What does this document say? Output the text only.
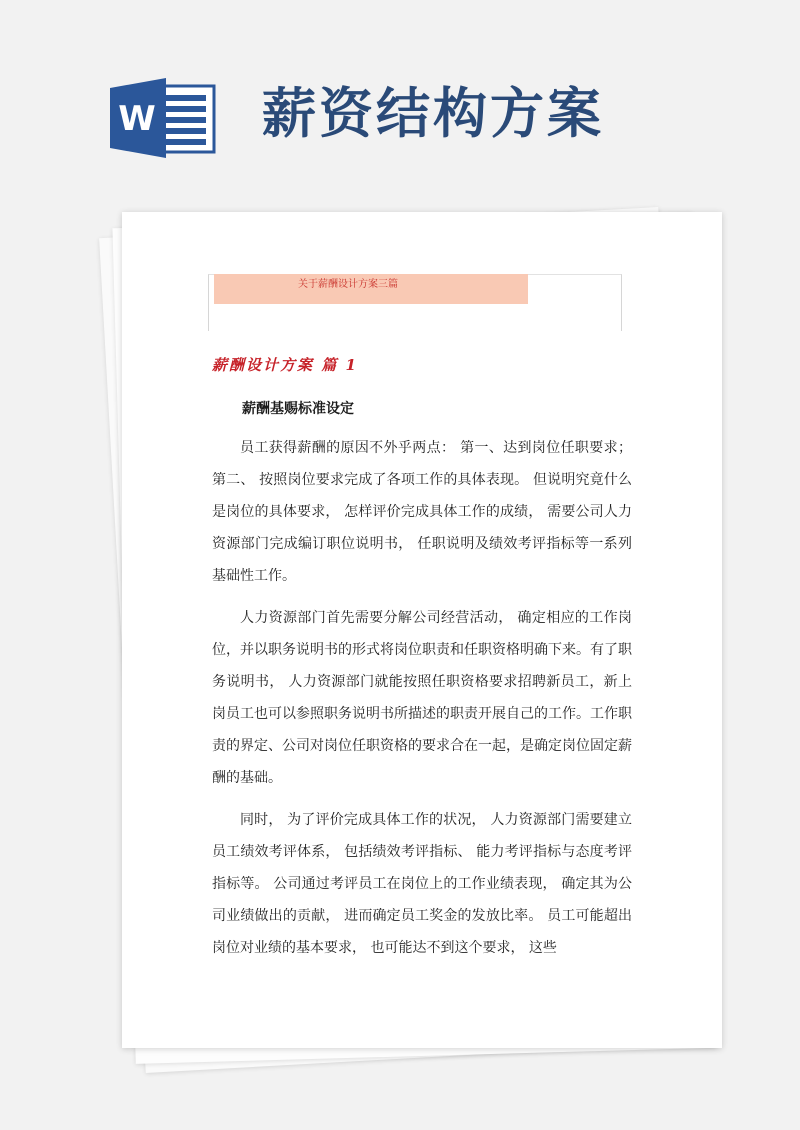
W 薪资结构方案
关于薪酬设计方案三篇
薪酬设计方案 篇 1
薪酬基赐标准设定

员工获得薪酬的原因不外乎两点： 第一、达到岗位任职要求；第二、 按照岗位要求完成了各项工作的具体表现。 但说明究竟什么是岗位的具体要求， 怎样评价完成具体工作的成绩， 需要公司人力资源部门完成编订职位说明书， 任职说明及绩效考评指标等一系列基础性工作。

人力资源部门首先需要分解公司经营活动， 确定相应的工作岗位，并以职务说明书的形式将岗位职责和任职资格明确下来。有了职务说明书， 人力资源部门就能按照任职资格要求招聘新员工，新上岗员工也可以参照职务说明书所描述的职责开展自己的工作。工作职责的界定、公司对岗位任职资格的要求合在一起，是确定岗位固定薪酬的基础。

同时， 为了评价完成具体工作的状况， 人力资源部门需要建立员工绩效考评体系， 包括绩效考评指标、 能力考评指标与态度考评指标等。 公司通过考评员工在岗位上的工作业绩表现， 确定其为公司业绩做出的贡献， 进而确定员工奖金的发放比率。 员工可能超出岗位对业绩的基本要求， 也可能达不到这个要求， 这些
